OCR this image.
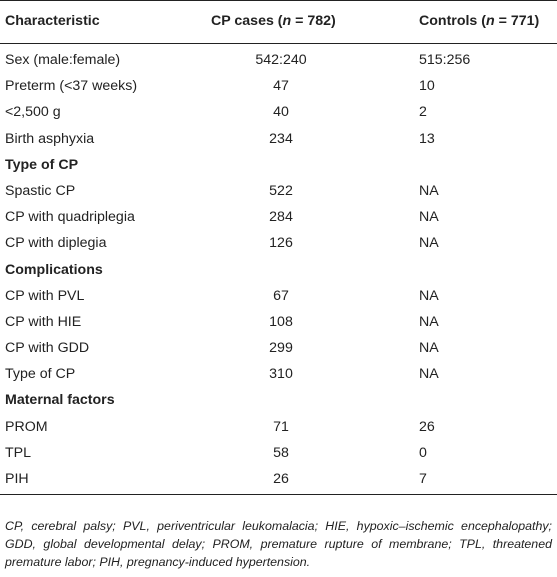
Characteristic	CP cases (n = 782)	Controls (n = 771)
Sex (male:female)	542:240	515:256
Preterm (<37 weeks)	47	10
<2,500 g	40	2
Birth asphyxia	234	13
Type of CP
Spastic CP	522	NA
CP with quadriplegia	284	NA
CP with diplegia	126	NA
Complications
CP with PVL	67	NA
CP with HIE	108	NA
CP with GDD	299	NA
Type of CP	310	NA
Maternal factors
PROM	71	26
TPL	58	0
PIH	26	7
CP, cerebral palsy; PVL, periventricular leukomalacia; HIE, hypoxic–ischemic encephalopathy; GDD, global developmental delay; PROM, premature rupture of membrane; TPL, threatened premature labor; PIH, pregnancy-induced hypertension.
